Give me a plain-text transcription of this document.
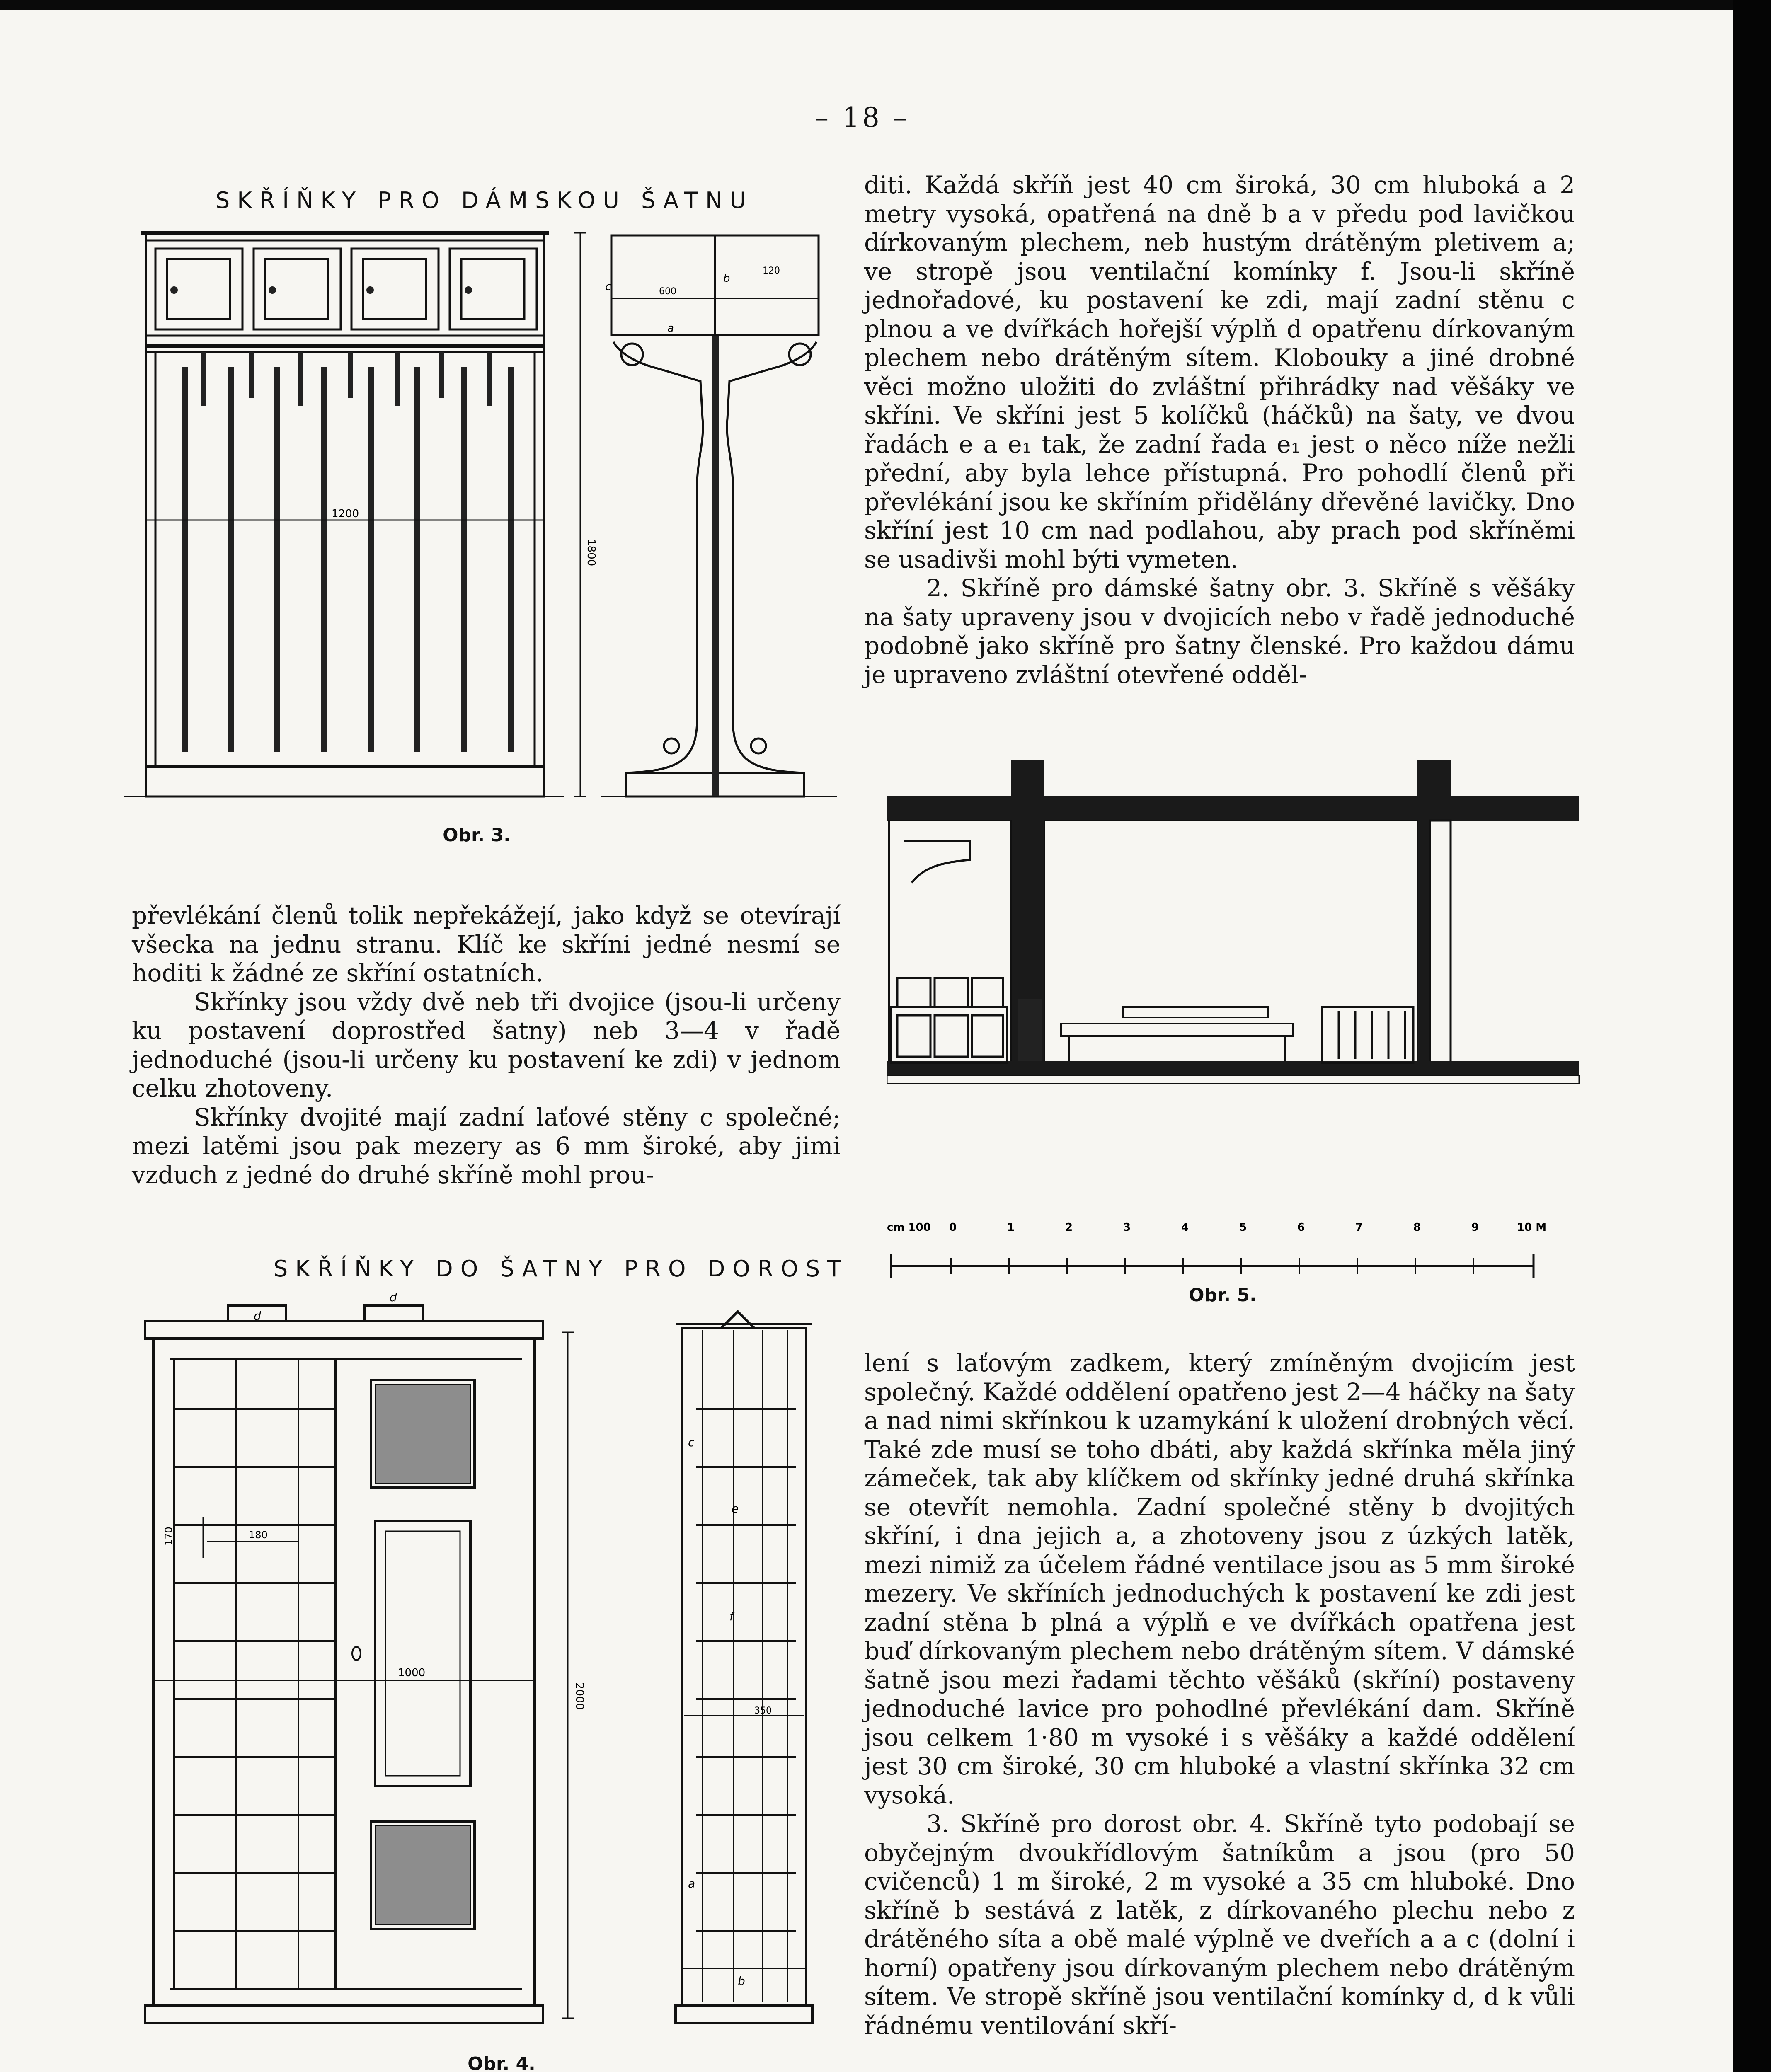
– 18 –
SKŘÍŇKY PRO DÁMSKOU ŠATNU
1200
1800
600
120
c
b
a
Obr. 3.

diti. Každá skříň jest 40 cm široká, 30 cm hluboká a 2 metry vysoká, opatřená na dně b a v předu pod lavičkou dírkovaným plechem, neb hustým drátěným pletivem a; ve stropě jsou ventilační komínky f. Jsou-li skříně jednořadové, ku postavení ke zdi, mají zadní stěnu c plnou a ve dvířkách hořejší výplň d opatřenu dírkovaným plechem nebo drátěným sítem. Klobouky a jiné drobné věci možno uložiti do zvláštní přihrádky nad věšáky ve skříni. Ve skříni jest 5 kolíčků (háčků) na šaty, ve dvou řadách e a e₁ tak, že zadní řada e₁ jest o něco níže nežli přední, aby byla lehce přístupná. Pro pohodlí členů při převlékání jsou ke skříním přidělány dřevěné lavičky. Dno skříní jest 10 cm nad podlahou, aby prach pod skříněmi se usadivši mohl býti vymeten.

2. Skříně pro dámské šatny obr. 3. Skříně s věšáky na šaty upraveny jsou v dvojicích nebo v řadě jednoduché podobně jako skříně pro šatny členské. Pro každou dámu je upraveno zvláštní otevřené odděl-

cm 100 0	1	2	3	4	5	6	7	8	9	10 M
Obr. 5.

převlékání členů tolik nepřekážejí, jako když se otevírají všecka na jednu stranu. Klíč ke skříni jedné nesmí se hoditi k žádné ze skříní ostatních.

Skřínky jsou vždy dvě neb tři dvojice (jsou-li určeny ku postavení doprostřed šatny) neb 3—4 v řadě jednoduché (jsou-li určeny ku postavení ke zdi) v jednom celku zhotoveny.

Skřínky dvojité mají zadní laťové stěny c společné; mezi latěmi jsou pak mezery as 6 mm široké, aby jimi vzduch z jedné do druhé skříně mohl prou-

SKŘÍŇKY DO ŠATNY PRO DOROST
d
d
170	180
1000
2000
350
c
e
f
a
b
Obr. 4.

lení s laťovým zadkem, který zmíněným dvojicím jest společný. Každé oddělení opatřeno jest 2—4 háčky na šaty a nad nimi skřínkou k uzamykání k uložení drobných věcí. Také zde musí se toho dbáti, aby každá skřínka měla jiný zámeček, tak aby klíčkem od skřínky jedné druhá skřínka se otevřít nemohla. Zadní společné stěny b dvojitých skříní, i dna jejich a, a zhotoveny jsou z úzkých latěk, mezi nimiž za účelem řádné ventilace jsou as 5 mm široké mezery. Ve skříních jednoduchých k postavení ke zdi jest zadní stěna b plná a výplň e ve dvířkách opatřena jest buď dírkovaným plechem nebo drátěným sítem. V dámské šatně jsou mezi řadami těchto věšáků (skříní) postaveny jednoduché lavice pro pohodlné převlékání dam. Skříně jsou celkem 1·80 m vysoké i s věšáky a každé oddělení jest 30 cm široké, 30 cm hluboké a vlastní skřínka 32 cm vysoká.

3. Skříně pro dorost obr. 4. Skříně tyto podobají se obyčejným dvoukřídlovým šatníkům a jsou (pro 50 cvičenců) 1 m široké, 2 m vysoké a 35 cm hluboké. Dno skříně b sestává z latěk, z dírkovaného plechu nebo z drátěného síta a obě malé výplně ve dveřích a a c (dolní i horní) opatřeny jsou dírkovaným plechem nebo drátěným sítem. Ve stropě skříně jsou ventilační komínky d, d k vůli řádnému ventilování skří-
